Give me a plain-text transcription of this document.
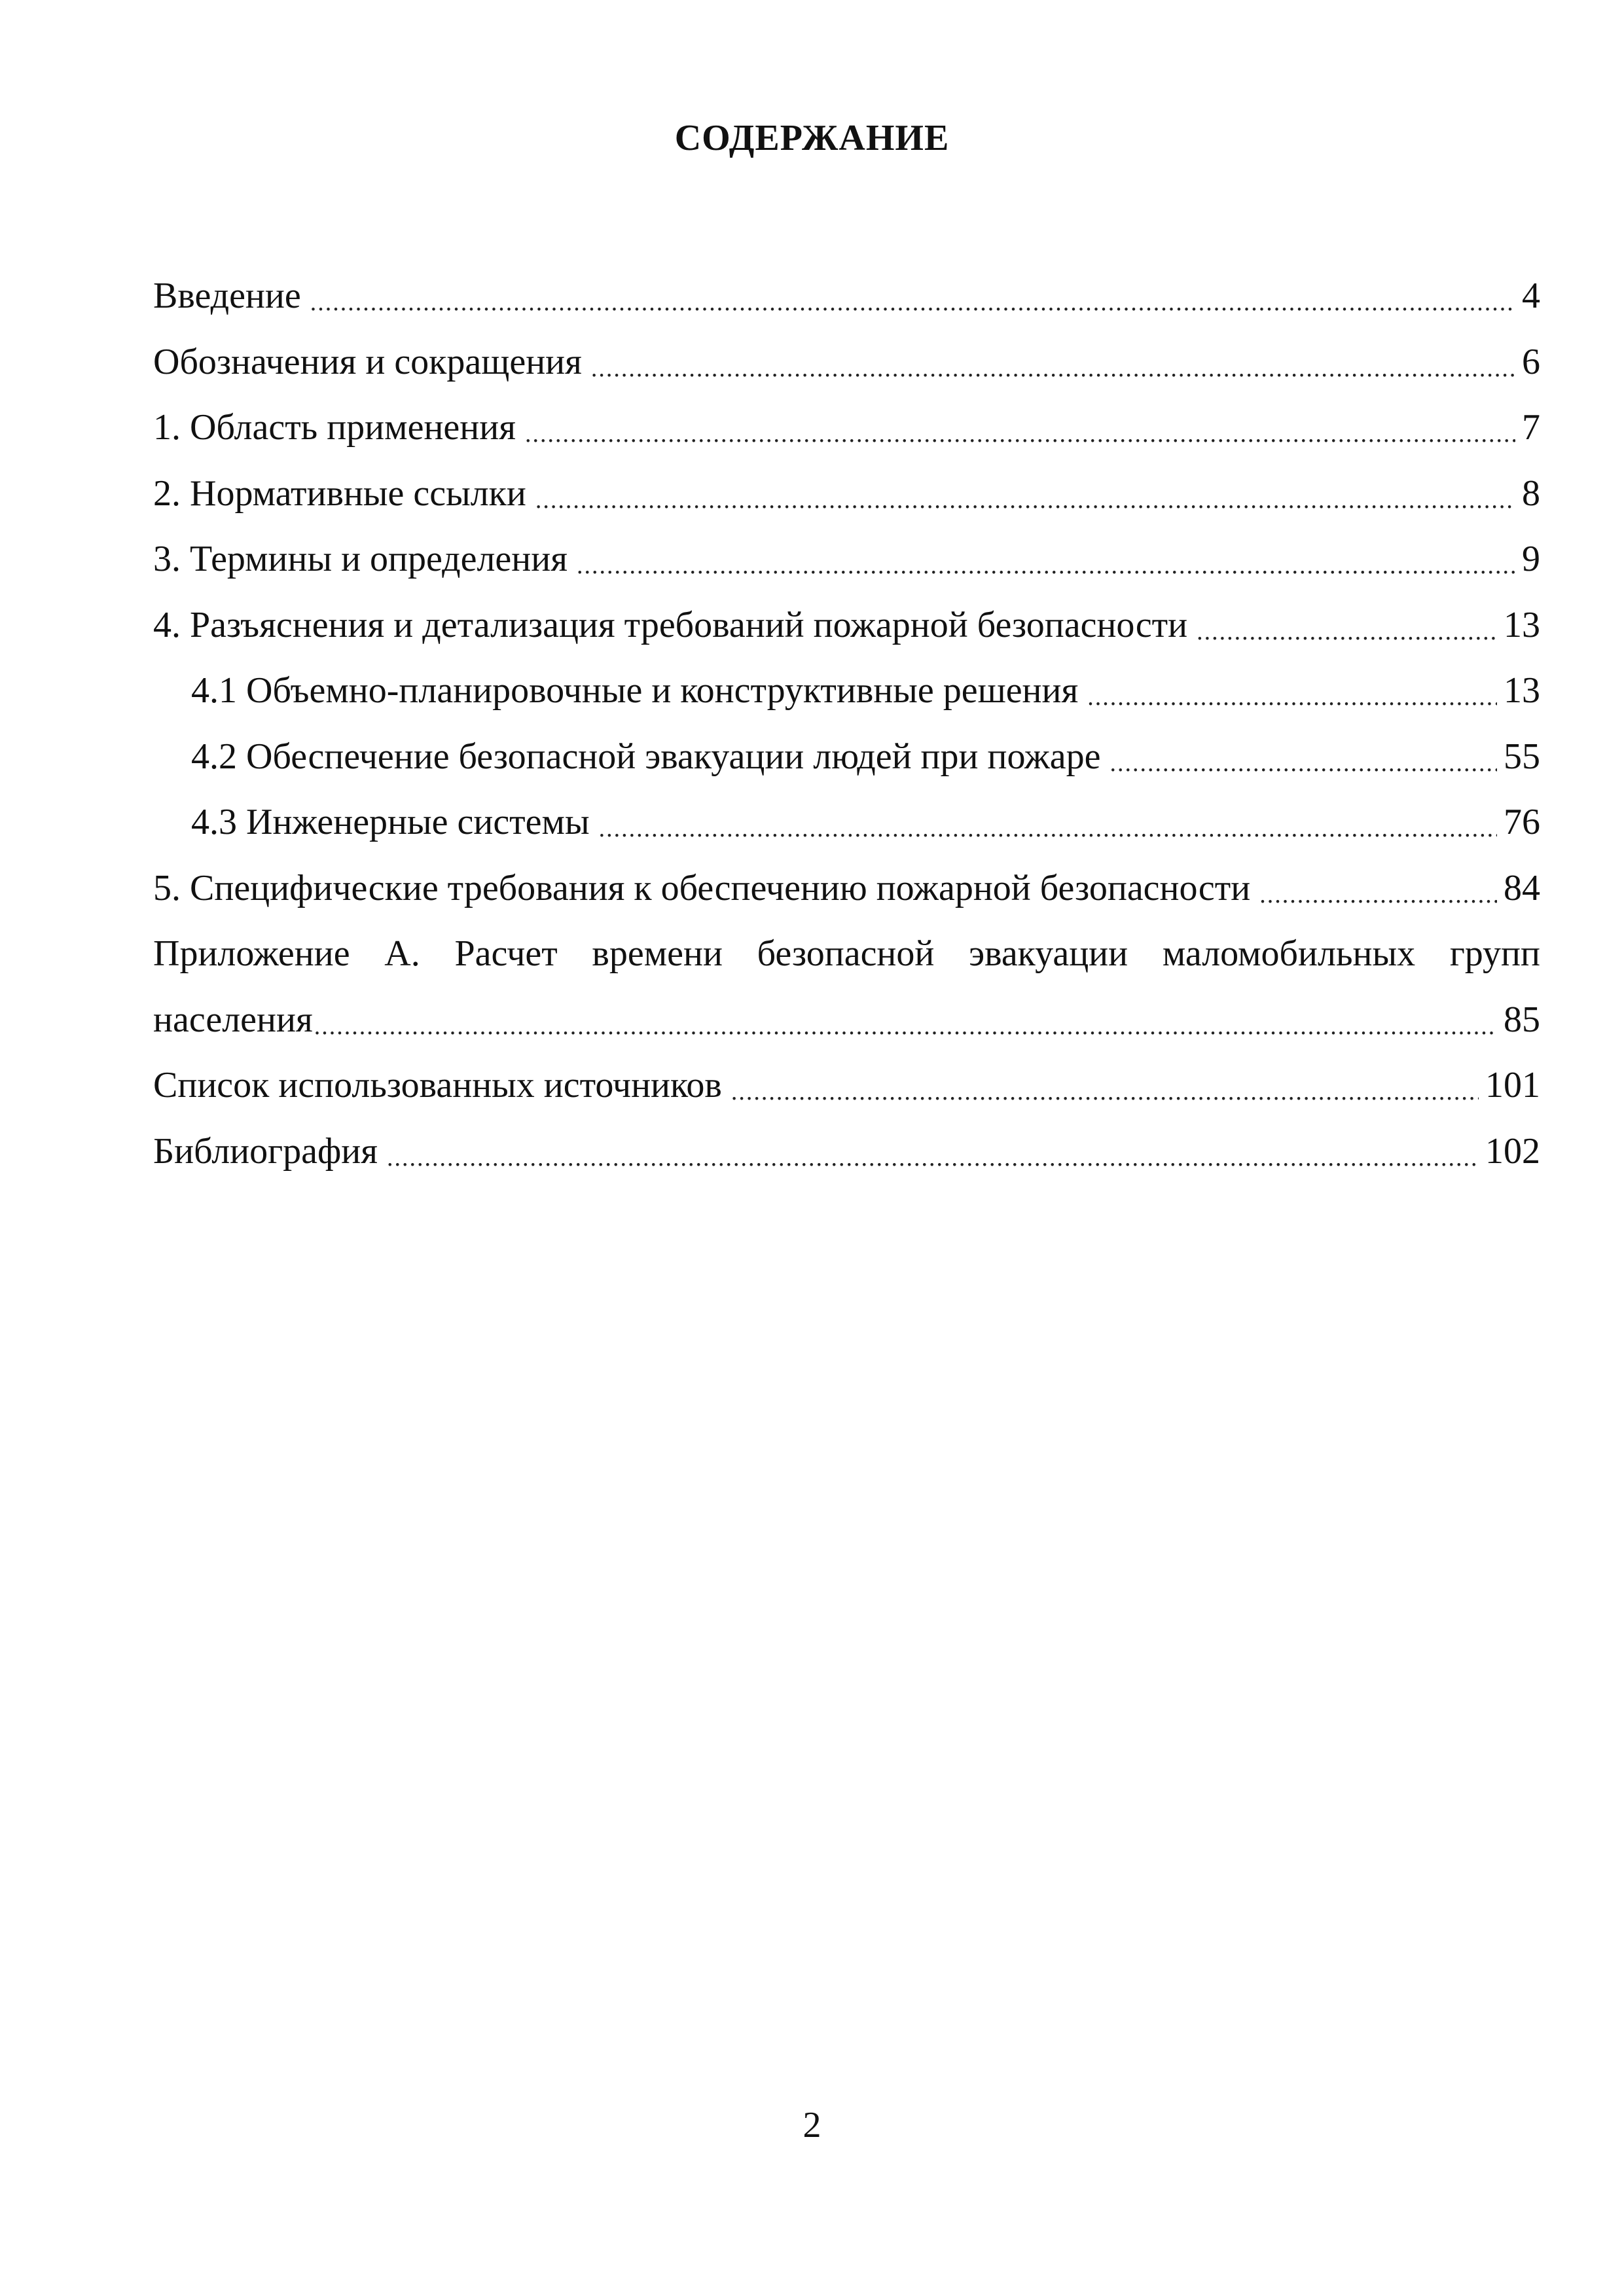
СОДЕРЖАНИЕ
Введение .....	4
Обозначения и сокращения .....	6
1. Область применения .....	7
2. Нормативные ссылки .....	8
3. Термины и определения .....	9
4. Разъяснения и детализация требований пожарной безопасности .....	13
4.1 Объемно-планировочные и конструктивные решения .....	13
4.2 Обеспечение безопасной эвакуации людей при пожаре .....	55
4.3 Инженерные системы .....	76
5. Специфические требования к обеспечению пожарной безопасности .....	84
Приложение А. Расчет времени безопасной эвакуации маломобильных групп
населения .....	85
Список использованных источников .....	101
Библиография .....	102
2
